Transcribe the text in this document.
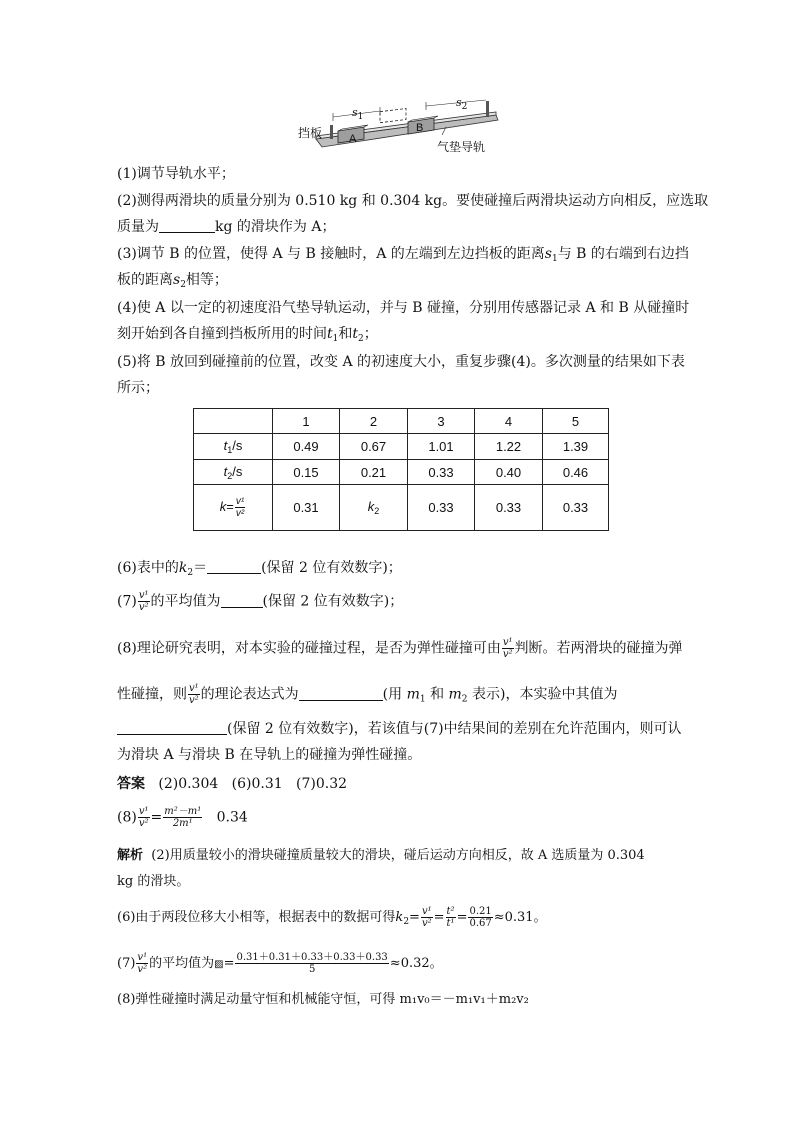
挡板 A
B
$s_1$
$s_2$
气垫导轨
(1)调节导轨水平；
(2)测得两滑块的质量分别为 0.510 kg 和 0.304 kg。要使碰撞后两滑块运动方向相反，应选取
质量为	kg 的滑块作为 A；
(3)调节 B 的位置，使得 A 与 B 接触时，A 的左端到左边挡板的距离$s_1$与 B 的右端到右边挡
板的距离$s_2$相等；
(4)使 A 以一定的初速度沿气垫导轨运动，并与 B 碰撞，分别用传感器记录 A 和 B 从碰撞时
刻开始到各自撞到挡板所用的时间$t_1$和$t_2$；
(5)将 B 放回到碰撞前的位置，改变 A 的初速度大小，重复步骤(4)。多次测量的结果如下表
所示；
	1	2	3	4	5
$t_1/s$	0.49	0.67	1.01	1.22	1.39
$t_2/s$	0.15	0.21	0.33	0.40	0.46
$k= \frac{\text{v¹}}{\text{v²}}$	0.31	$k_2$	0.33	0.33	0.33
(6)表中的$k_2=$	(保留 2 位有效数字)；
$(7) \frac{\text{v¹}}{\text{v²}}$ 的平均值为	(保留 2 位有效数字)；
(8)理论研究表明，对本实验的碰撞过程，是否为弹性碰撞可由 $\frac{\text{v¹}}{\text{v²}}$ 判断。若两滑块的碰撞为弹
性碰撞，则 $\frac{\text{v¹}}{\text{v²}}$ 的理论表达式为	(用 $m_1$ 和 $m_2$ 表示)，本实验中其值为
(保留 2 位有效数字)，若该值与(7)中结果间的差别在允许范围内，则可认
为滑块 A 与滑块 B 在导轨上的碰撞为弹性碰撞。
答案 (2)0.304 (6)0.31 (7)0.32
$(8) \frac{\text{v¹}}{\text{v²}} = \frac{\text{m²－m¹}}{\text{2m¹}} 0.34$
解析 (2)用质量较小的滑块碰撞质量较大的滑块，碰后运动方向相反，故 A 选质量为 0.304
kg 的滑块。
(6)由于两段位移大小相等，根据表中的数据可得$k_2= \frac{\text{v¹}}{\text{v²}} = \frac{\text{t²}}{\text{t¹}} = \frac{0.21}{0.67} \approx 0.31$。
$(7) \frac{\text{v¹}}{\text{v²}}$ 的平均值为▨= $\frac{0.31+0.31+0.33+0.33+0.33}{5} \approx 0.32$。
(8)弹性碰撞时满足动量守恒和机械能守恒，可得 m₁v₀＝－m₁v₁＋m₂v₂
